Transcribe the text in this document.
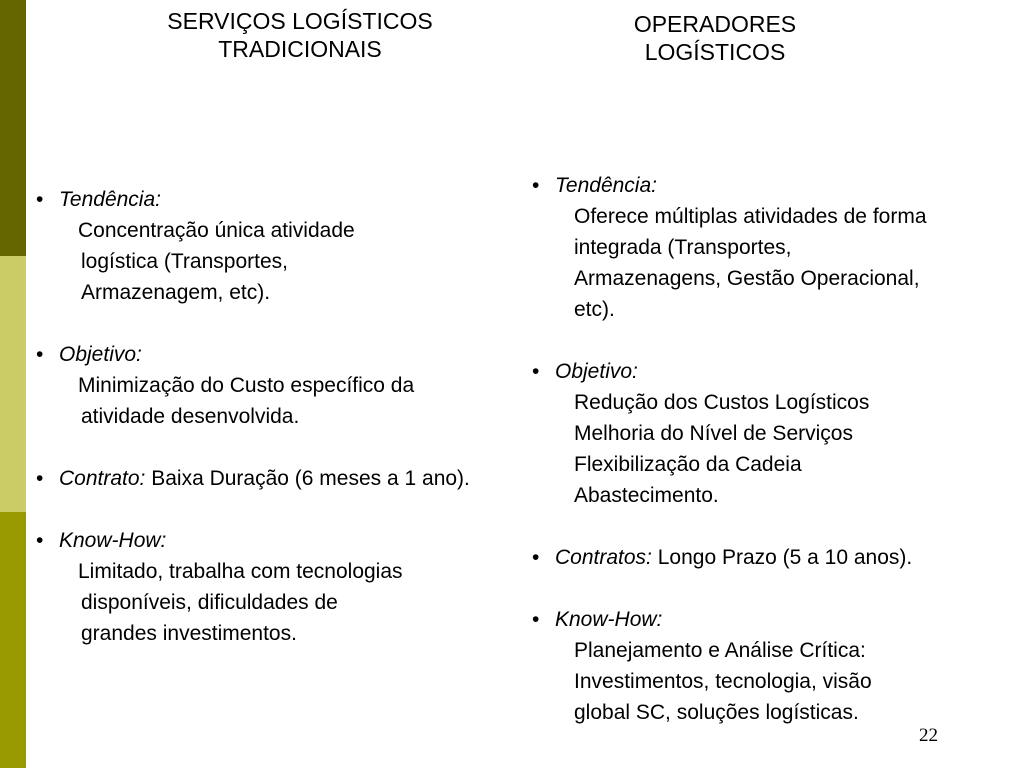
SERVIÇOS LOGÍSTICOS
TRADICIONAIS
OPERADORES
LOGÍSTICOS
• Tendência:
Concentração única atividade
logística (Transportes,
Armazenagem, etc).
• Objetivo:
Minimização do Custo específico da
atividade desenvolvida.
• Contrato: Baixa Duração (6 meses a 1 ano).
• Know-How:
Limitado, trabalha com tecnologias
disponíveis, dificuldades de
grandes investimentos.
• Tendência:
Oferece múltiplas atividades de forma
integrada (Transportes,
Armazenagens, Gestão Operacional,
etc).
• Objetivo:
Redução dos Custos Logísticos
Melhoria do Nível de Serviços
Flexibilização da Cadeia
Abastecimento.
• Contratos: Longo Prazo (5 a 10 anos).
• Know-How:
Planejamento e Análise Crítica:
Investimentos, tecnologia, visão
global SC, soluções logísticas.
22
